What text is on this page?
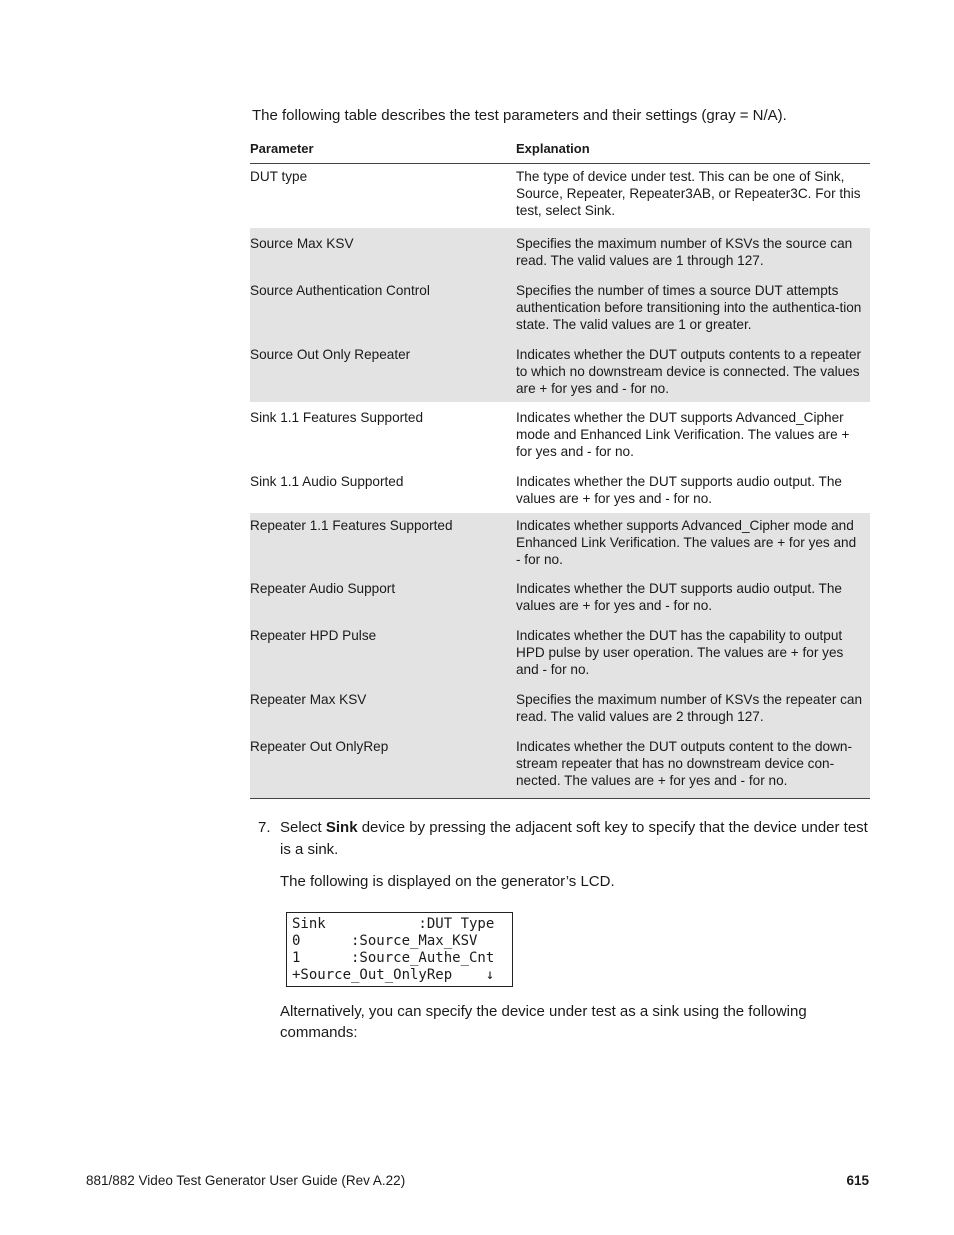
The following table describes the test parameters and their settings (gray = N/A).
Parameter	Explanation
DUT type	The type of device under test. This can be one of Sink, Source, Repeater, Repeater3AB, or Repeater3C. For this test, select Sink.
Source Max KSV	Specifies the maximum number of KSVs the source can read. The valid values are 1 through 127.
Source Authentication Control	Specifies the number of times a source DUT attempts authentication before transitioning into the authentica-tion state. The valid values are 1 or greater.
Source Out Only Repeater	Indicates whether the DUT outputs contents to a repeater to which no downstream device is connected. The values are + for yes and - for no.
Sink 1.1 Features Supported	Indicates whether the DUT supports Advanced_Cipher mode and Enhanced Link Verification. The values are + for yes and - for no.
Sink 1.1 Audio Supported	Indicates whether the DUT supports audio output. The values are + for yes and - for no.
Repeater 1.1 Features Supported	Indicates whether supports Advanced_Cipher mode and Enhanced Link Verification. The values are + for yes and - for no.
Repeater Audio Support	Indicates whether the DUT supports audio output. The values are + for yes and - for no.
Repeater HPD Pulse	Indicates whether the DUT has the capability to output HPD pulse by user operation. The values are + for yes and - for no.
Repeater Max KSV	Specifies the maximum number of KSVs the repeater can read. The valid values are 2 through 127.
Repeater Out OnlyRep	Indicates whether the DUT outputs content to the down-stream repeater that has no downstream device con-nected. The values are + for yes and - for no.
7. Select Sink device by pressing the adjacent soft key to specify that the device under test is a sink.
The following is displayed on the generator’s LCD.
Sink           :DUT Type
0      :Source_Max_KSV
1      :Source_Authe_Cnt
+Source_Out_OnlyRep    ↓
Alternatively, you can specify the device under test as a sink using the following commands:
881/882 Video Test Generator User Guide (Rev A.22)	615
